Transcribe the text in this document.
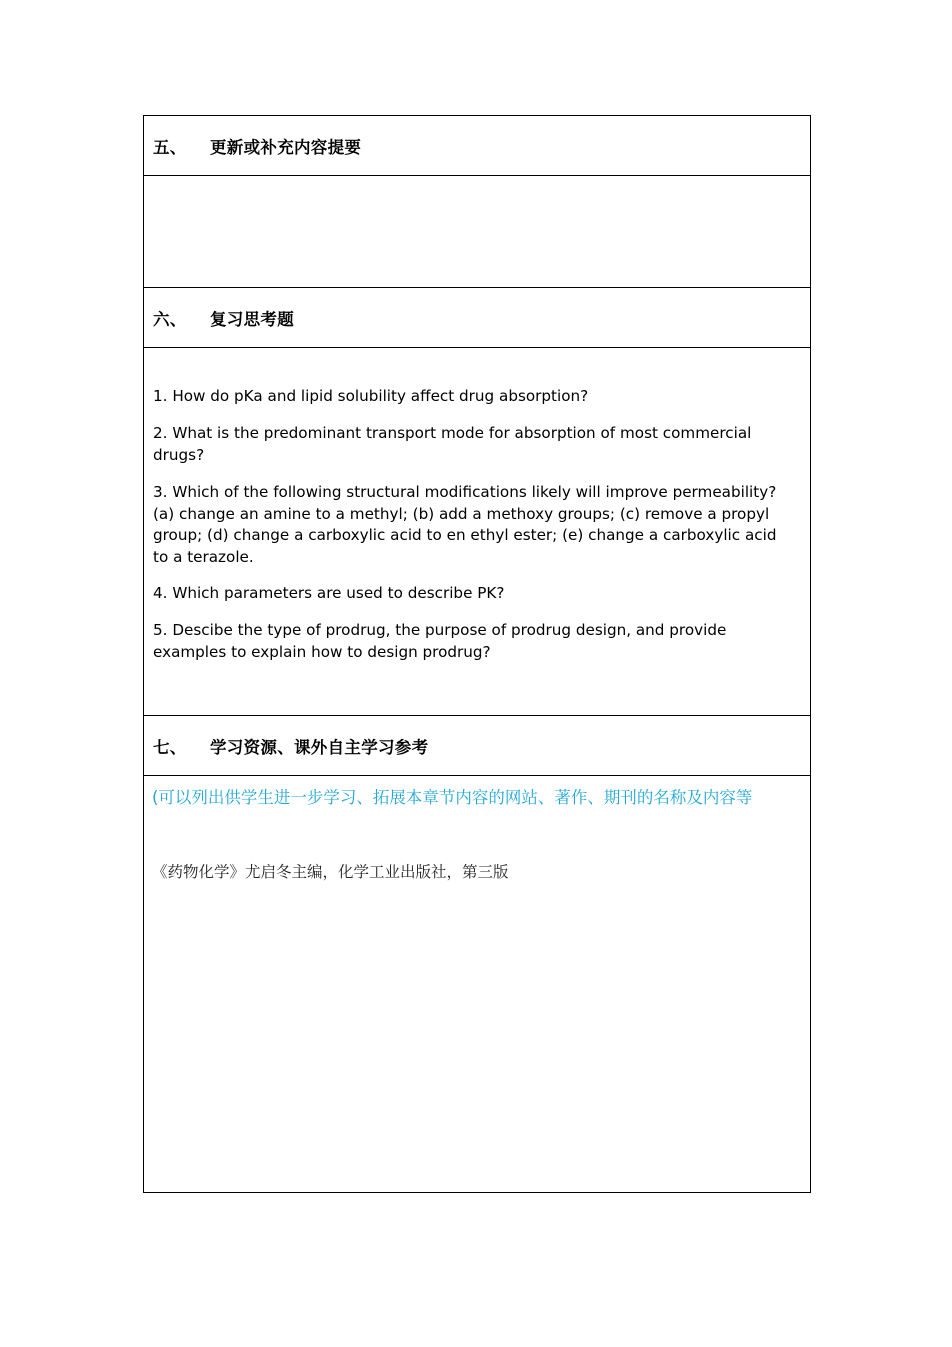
五、 更新或补充内容提要
六、 复习思考题
1. How do pKa and lipid solubility affect drug absorption?
2. What is the predominant transport mode for absorption of most commercial drugs?
3. Which of the following structural modifications likely will improve permeability? (a) change an amine to a methyl; (b) add a methoxy groups; (c) remove a propyl group; (d) change a carboxylic acid to en ethyl ester; (e) change a carboxylic acid to a terazole.
4. Which parameters are used to describe PK?
5. Descibe the type of prodrug, the purpose of prodrug design, and provide examples to explain how to design prodrug?
七、 学习资源、课外自主学习参考
(可以列出供学生进一步学习、拓展本章节内容的网站、著作、期刊的名称及内容等
《药物化学》尤启冬主编，化学工业出版社，第三版
